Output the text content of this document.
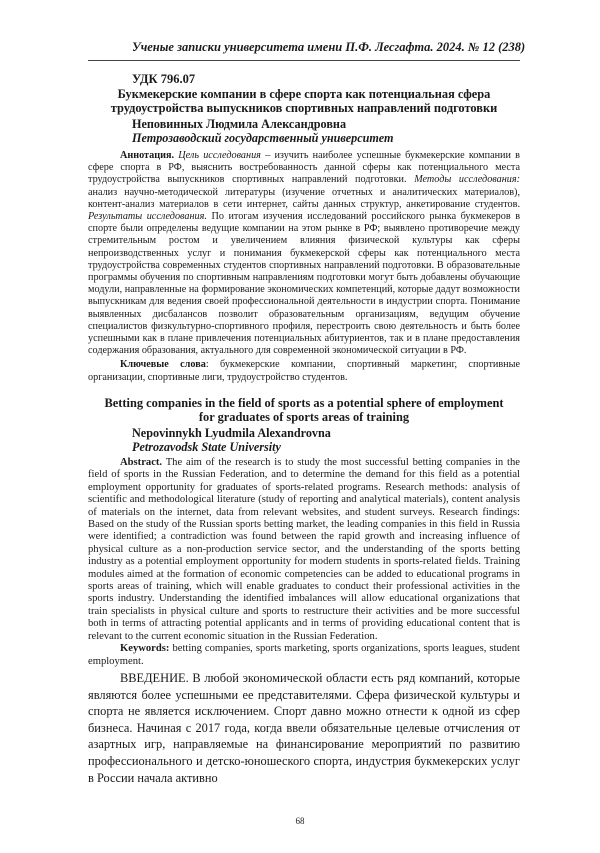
Ученые записки университета имени П.Ф. Лесгафта. 2024. № 12 (238)
УДК 796.07
Букмекерские компании в сфере спорта как потенциальная сфера
трудоустройства выпускников спортивных направлений подготовки
Неповинных Людмила Александровна
Петрозаводский государственный университет

Аннотация. Цель исследования – изучить наиболее успешные букмекерские компании в сфере спорта в РФ, выяснить востребованность данной сферы как потенциального места трудоустройства выпускников спортивных направлений подготовки. Методы исследования: анализ научно-методической литературы (изучение отчетных и аналитических материалов), контент-анализ материалов в сети интернет, сайты данных структур, анкетирование студентов. Результаты исследования. По итогам изучения исследований российского рынка букмекеров в спорте были определены ведущие компании на этом рынке в РФ; выявлено противоречие между стремительным ростом и увеличением влияния физической культуры как сферы непроизводственных услуг и понимания букмекерской сферы как потенциального места трудоустройства современных студентов спортивных направлений подготовки. В образовательные программы обучения по спортивным направлениям подготовки могут быть добавлены обучающие модули, направленные на формирование экономических компетенций, которые дадут возможности выпускникам для ведения своей профессиональной деятельности в индустрии спорта. Понимание выявленных дисбалансов позволит образовательным организациям, ведущим обучение специалистов физкультурно-спортивного профиля, перестроить свою деятельность и быть более успешными как в плане привлечения потенциальных абитуриентов, так и в плане предоставления содержания образования, актуального для современной экономической ситуации в РФ.

Ключевые слова: букмекерские компании, спортивный маркетинг, спортивные организации, спортивные лиги, трудоустройство студентов.

Betting companies in the field of sports as a potential sphere of employment
for graduates of sports areas of training
Nepovinnykh Lyudmila Alexandrovna
Petrozavodsk State University

Abstract. The aim of the research is to study the most successful betting companies in the field of sports in the Russian Federation, and to determine the demand for this field as a potential employment opportunity for graduates of sports-related programs. Research methods: analysis of scientific and methodological literature (study of reporting and analytical materials), content analysis of materials on the internet, data from relevant websites, and student surveys. Research findings: Based on the study of the Russian sports betting market, the leading companies in this field in Russia were identified; a contradiction was found between the rapid growth and increasing influence of physical culture as a non-production service sector, and the understanding of the sports betting industry as a potential employment opportunity for modern students in sports-related fields. Training modules aimed at the formation of economic competencies can be added to educational programs in sports areas of training, which will enable graduates to conduct their professional activities in the sports industry. Understanding the identified imbalances will allow educational organizations that train specialists in physical culture and sports to restructure their activities and be more successful both in terms of attracting potential applicants and in terms of providing educational content that is relevant to the current economic situation in the Russian Federation.

Keywords: betting companies, sports marketing, sports organizations, sports leagues, student employment.

ВВЕДЕНИЕ. В любой экономической области есть ряд компаний, которые являются более успешными ее представителями. Сфера физической культуры и спорта не является исключением. Спорт давно можно отнести к одной из сфер бизнеса. Начиная с 2017 года, когда ввели обязательные целевые отчисления от азартных игр, направляемые на финансирование мероприятий по развитию профессионального и детско-юношеского спорта, индустрия букмекерских услуг в России начала активно

68
